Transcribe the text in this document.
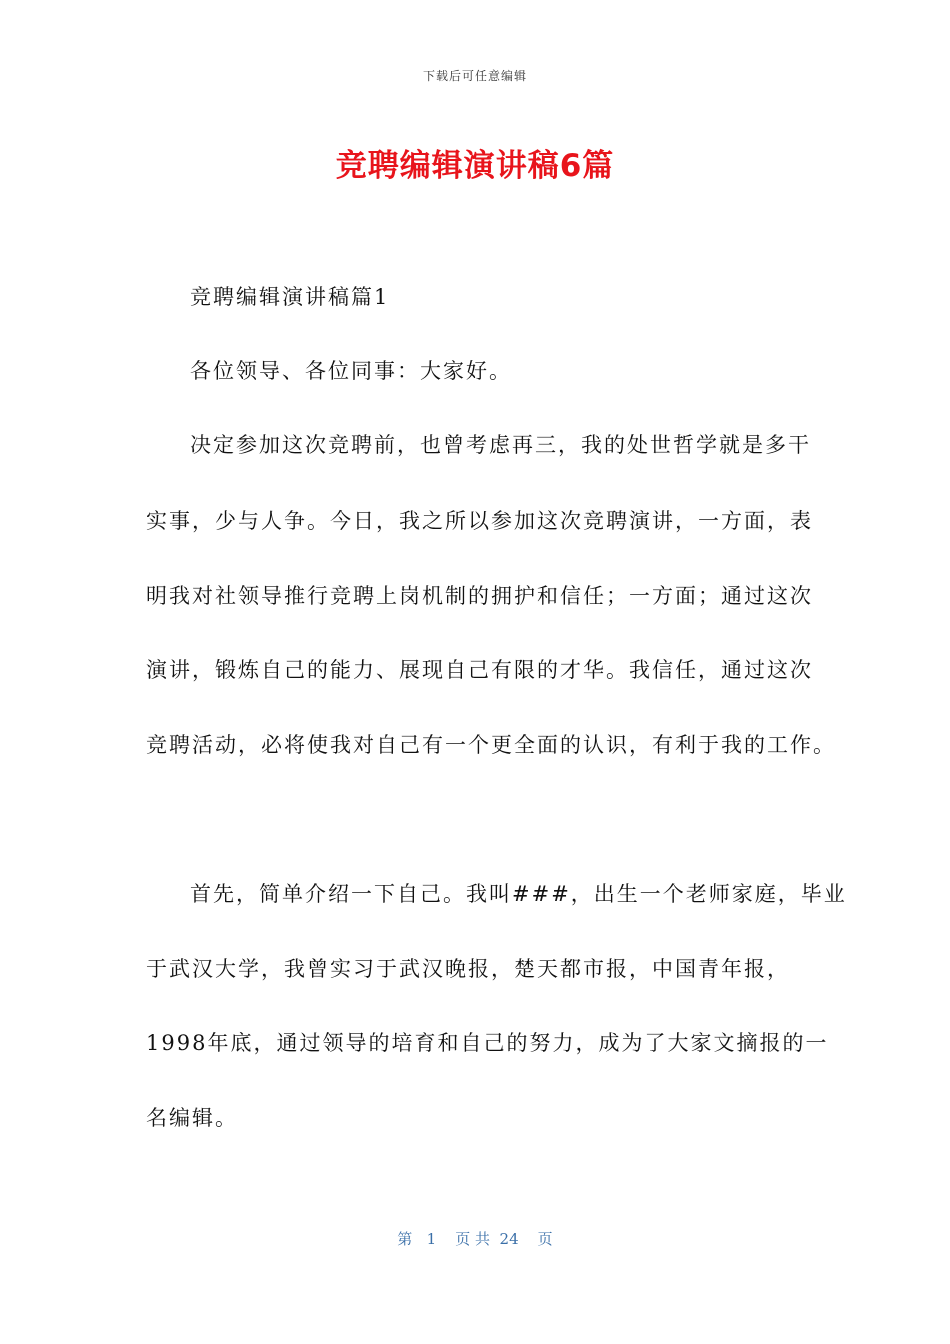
下载后可任意编辑
竞聘编辑演讲稿6篇
竞聘编辑演讲稿篇1
各位领导、各位同事：大家好。
决定参加这次竞聘前，也曾考虑再三，我的处世哲学就是多干
实事，少与人争。今日，我之所以参加这次竞聘演讲，一方面，表
明我对社领导推行竞聘上岗机制的拥护和信任；一方面；通过这次
演讲，锻炼自己的能力、展现自己有限的才华。我信任，通过这次
竞聘活动，必将使我对自己有一个更全面的认识，有利于我的工作。
首先，简单介绍一下自己。我叫###，出生一个老师家庭，毕业
于武汉大学，我曾实习于武汉晚报，楚天都市报，中国青年报，
1998年底，通过领导的培育和自己的努力，成为了大家文摘报的一
名编辑。
第   1    页 共  24    页
